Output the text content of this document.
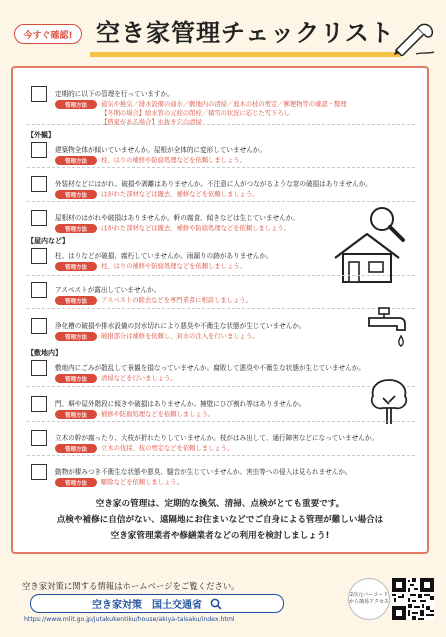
今すぐ確認! 空き家管理チェックリスト
定期的に以下の管理を行っていますか。
管理方法	通気や換気／排水設備の通水／敷地内の清掃／庭木の枝の剪定／郵便物等の確認・整理
【冬期の場合】給水管の元栓の閉栓／積雪の状況に応じた雪下ろし
【借家がある場合】水抜き穴の清掃
【外観】
建築物全体が傾いていませんか。屋根が全体的に変形していませんか。
管理方法	柱、はりの補修や防腐処理などを依頼しましょう。
外装材などにはがれ、破損や剥離はありませんか。不注意に人がつながるような窓の破損はありませんか。
管理方法	はがれた部材などは撤去、補修などを依頼しましょう。
屋根材のはがれや破損はありませんか。軒の腐食、傾きなどは生じていませんか。
管理方法	はがれた部材などは撤去、補修や防腐処理などを依頼しましょう。
【屋内など】
柱、はりなどが破損、腐朽していませんか。雨漏りの跡がありませんか。
管理方法	柱、はりの補修や防腐処理などを依頼しましょう。
アスベストが露出していませんか。
管理方法	アスベストの除去などを専門業者に相談しましょう。
浄化槽の破損や排水設備の封水切れにより悪臭や不衛生な状態が生じていませんか。
管理方法	破損部分は補修を依頼し、封水の注入を行いましょう。
【敷地内】
敷地内にごみが散乱して景観を損なっていませんか。腐敗して悪臭や不衛生な状態が生じていませんか。
管理方法	清掃などを行いましょう。
門、塀や屋外階段に傾きや破損はありませんか。擁壁にひび割れ等はありませんか。
管理方法	補修や防腐処理などを依頼しましょう。
立木の幹が腐ったり、大枝が折れたりしていませんか。枝がはみ出して、通行障害などになっていませんか。
管理方法	立木の伐採、枝の剪定などを依頼しましょう。
動物が棲みつき不衛生な状態や悪臭、騒音が生じていませんか。害虫等への侵入は見られませんか。
管理方法	駆除などを依頼しましょう。
空き家の管理は、定期的な換気、清掃、点検がとても重要です。
点検や補修に自信がない、遠隔地にお住まいなどでご自身による管理が難しい場合は
空き家管理業者や修繕業者などの利用を検討しましょう!
空き家対策に関する情報はホームページをご覧ください。
空き家対策　国土交通省
https://www.mlit.go.jp/jutakukentiku/house/akiya-taisaku/index.html
2次元バーコードから簡易アクセス
